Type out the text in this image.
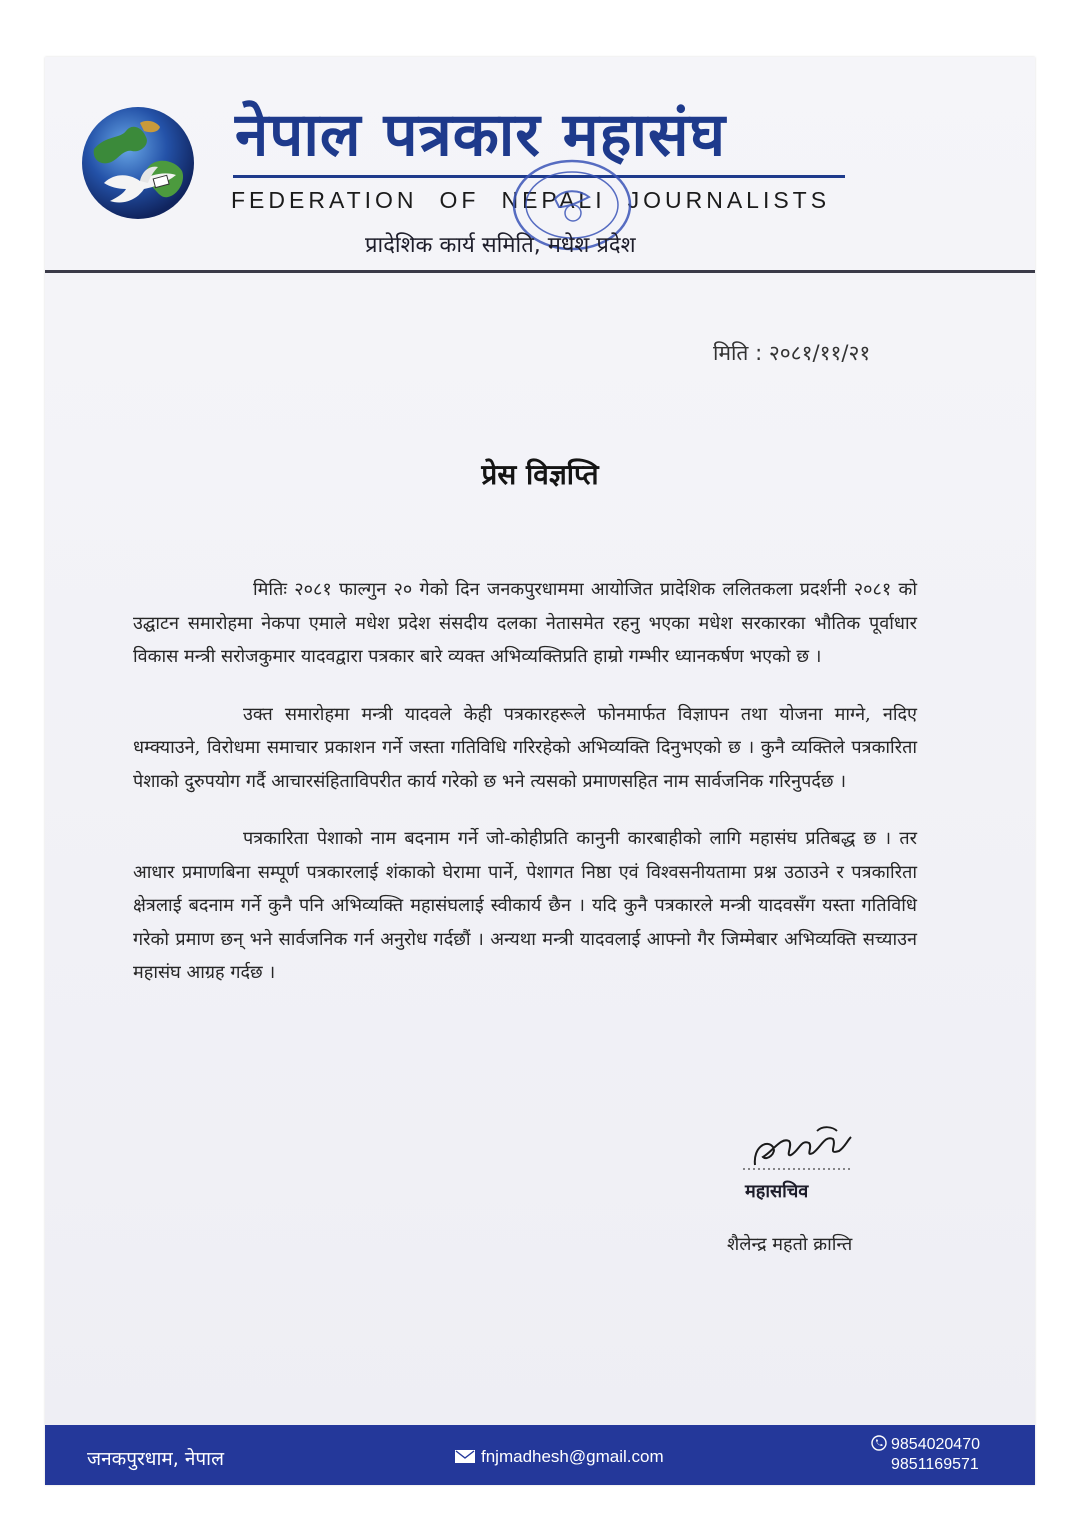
नेपाल पत्रकार महासंघ
FEDERATION OF NEPALI JOURNALISTS
प्रादेशिक कार्य समिति, मधेश प्रदेश
मिति : २०८१/११/२१
प्रेस विज्ञप्ति

मितिः २०८१ फाल्गुन २० गेको दिन जनकपुरधाममा आयोजित प्रादेशिक ललितकला प्रदर्शनी २०८१ को उद्घाटन समारोहमा नेकपा एमाले मधेश प्रदेश संसदीय दलका नेतासमेत रहनु भएका मधेश सरकारका भौतिक पूर्वाधार विकास मन्त्री सरोजकुमार यादवद्वारा पत्रकार बारे व्यक्त अभिव्यक्तिप्रति हाम्रो गम्भीर ध्यानकर्षण भएको छ ।

उक्त समारोहमा मन्त्री यादवले केही पत्रकारहरूले फोनमार्फत विज्ञापन तथा योजना माग्ने, नदिए धम्क्याउने, विरोधमा समाचार प्रकाशन गर्ने जस्ता गतिविधि गरिरहेको अभिव्यक्ति दिनुभएको छ । कुनै व्यक्तिले पत्रकारिता पेशाको दुरुपयोग गर्दै आचारसंहिताविपरीत कार्य गरेको छ भने त्यसको प्रमाणसहित नाम सार्वजनिक गरिनुपर्दछ ।

पत्रकारिता पेशाको नाम बदनाम गर्ने जो-कोहीप्रति कानुनी कारबाहीको लागि महासंघ प्रतिबद्ध छ । तर आधार प्रमाणबिना सम्पूर्ण पत्रकारलाई शंकाको घेरामा पार्ने, पेशागत निष्ठा एवं विश्वसनीयतामा प्रश्न उठाउने र पत्रकारिता क्षेत्रलाई बदनाम गर्ने कुनै पनि अभिव्यक्ति महासंघलाई स्वीकार्य छैन । यदि कुनै पत्रकारले मन्त्री यादवसँग यस्ता गतिविधि गरेको प्रमाण छन् भने सार्वजनिक गर्न अनुरोध गर्दछौं । अन्यथा मन्त्री यादवलाई आफ्नो गैर जिम्मेबार अभिव्यक्ति सच्याउन महासंघ आग्रह गर्दछ ।

महासचिव
शैलेन्द्र महतो क्रान्ति
जनकपुरधाम, नेपाल	fnjmadhesh@gmail.com
9854020470
9851169571
